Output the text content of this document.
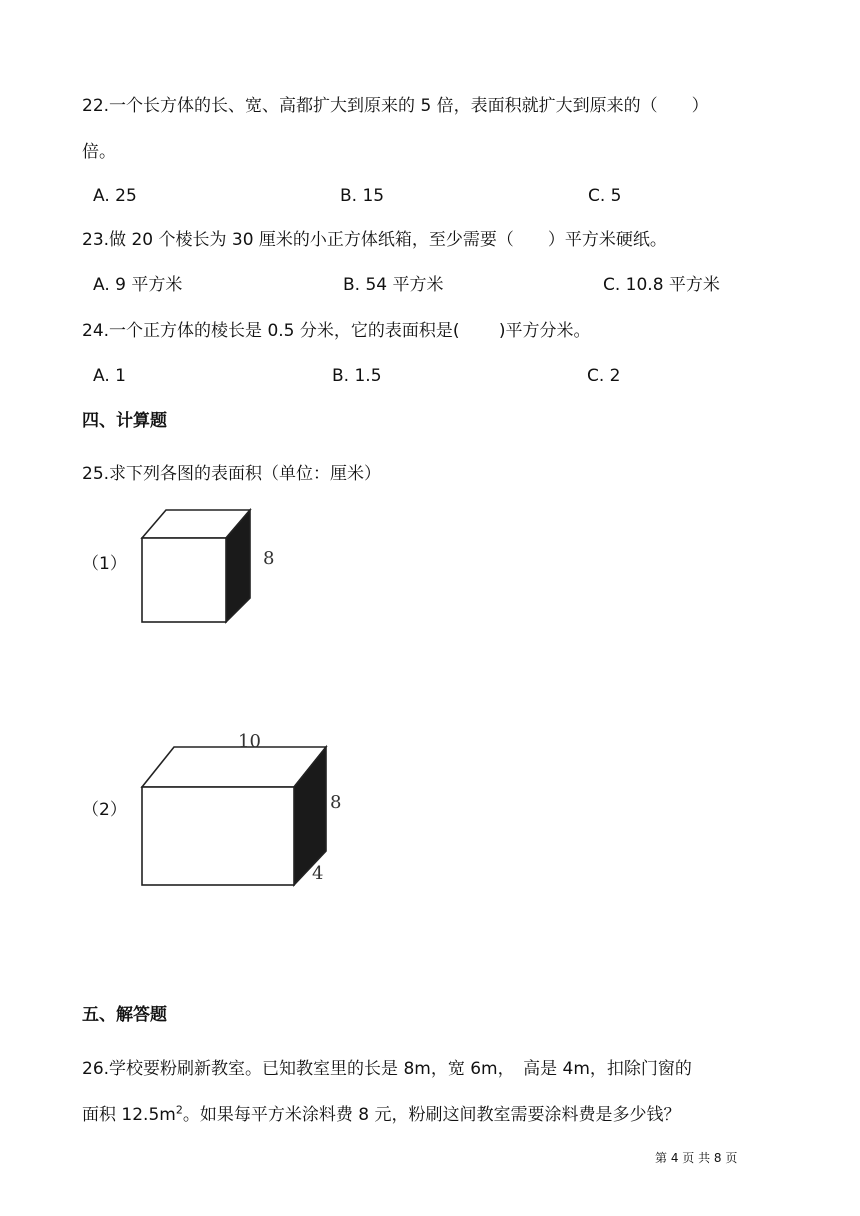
22.一个长方体的长、宽、高都扩大到原来的 5 倍，表面积就扩大到原来的（　　）
倍。
A. 25	B. 15	C. 5
23.做 20 个棱长为 30 厘米的小正方体纸箱，至少需要（　　）平方米硬纸。
A. 9 平方米	B. 54 平方米	C. 10.8 平方米
24.一个正方体的棱长是 0.5 分米，它的表面积是(　　 )平方分米。
A. 1	B. 1.5	C. 2
四、计算题
25.求下列各图的表面积（单位：厘米）
（1）	8
（2）
10
8
4
五、解答题
26.学校要粉刷新教室。已知教室里的长是 8m，宽 6m，　高是 4m，扣除门窗的
面积 $12.5m^2$。如果每平方米涂料费 8 元，粉刷这间教室需要涂料费是多少钱？
第 4 页 共 8 页
